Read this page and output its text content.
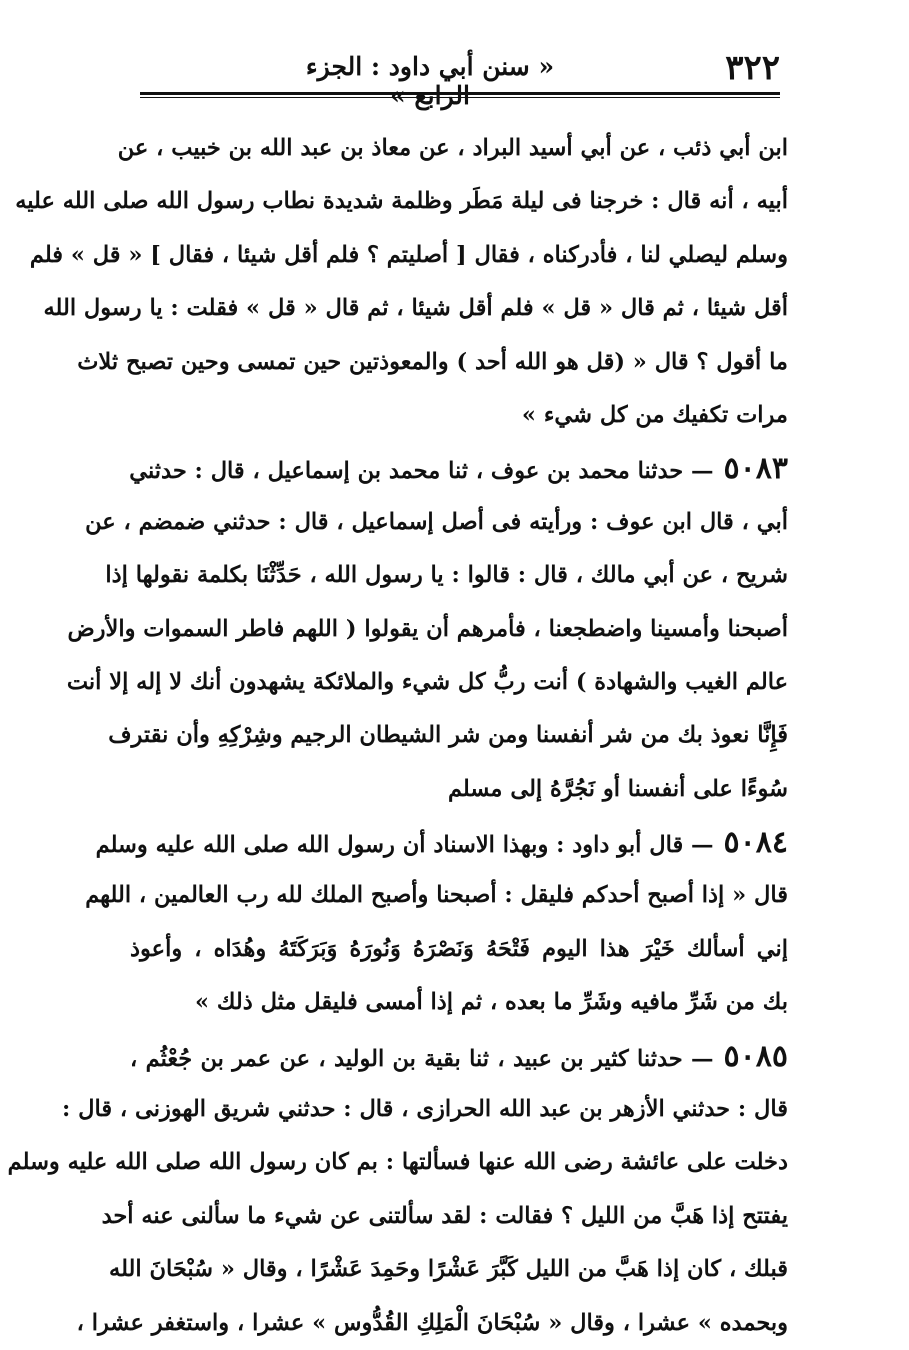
٣٢٢
« سنن أبي داود : الجزء الرابع »
ابن أبي ذئب ، عن أبي أسيد البراد ، عن معاذ بن عبد الله بن خبيب ، عن
أبيه ، أنه قال : خرجنا فى ليلة مَطَر وظلمة شديدة نطاب رسول الله صلى الله عليه
وسلم ليصلي لنا ، فأدركناه ، فقال [ أصليتم ؟ فلم أقل شيئا ، فقال ] « قل » فلم
أقل شيئا ، ثم قال « قل » فلم أقل شيئا ، ثم قال « قل » فقلت : يا رسول الله
ما أقول ؟ قال « (قل هو الله أحد ) والمعوذتين حين تمسى وحين تصبح ثلاث
مرات تكفيك من كل شيء »
٥٠٨٣— حدثنا محمد بن عوف ، ثنا محمد بن إسماعيل ، قال : حدثني
أبي ، قال ابن عوف : ورأيته فى أصل إسماعيل ، قال : حدثني ضمضم ، عن
شريح ، عن أبي مالك ، قال : قالوا : يا رسول الله ، حَدِّثْنَا بكلمة نقولها إذا
أصبحنا وأمسينا واضطجعنا ، فأمرهم أن يقولوا ( اللهم فاطر السموات والأرض
عالم الغيب والشهادة ) أنت ربُّ كل شيء والملائكة يشهدون أنك لا إله إلا أنت
فَإِنَّا نعوذ بك من شر أنفسنا ومن شر الشيطان الرجيم وشِرْكِهِ وأن نقترف
سُوءًا على أنفسنا أو نَجُرَّهُ إلى مسلم
٥٠٨٤— قال أبو داود : وبهذا الاسناد أن رسول الله صلى الله عليه وسلم
قال « إذا أصبح أحدكم فليقل : أصبحنا وأصبح الملك لله رب العالمين ، اللهم
إني أسألك خَيْرَ هذا اليوم فَتْحَهُ وَنَصْرَهُ وَنُورَهُ وَبَرَكَتَهُ وهُدَاه ، وأعوذ
بك من شَرِّ مافيه وشَرِّ ما بعده ، ثم إذا أمسى فليقل مثل ذلك »
٥٠٨٥— حدثنا كثير بن عبيد ، ثنا بقية بن الوليد ، عن عمر بن جُعْثُم ،
قال : حدثني الأزهر بن عبد الله الحرازى ، قال : حدثني شريق الهوزنى ، قال :
دخلت على عائشة رضى الله عنها فسألتها : بم كان رسول الله صلى الله عليه وسلم
يفتتح إذا هَبَّ من الليل ؟ فقالت : لقد سألتنى عن شيء ما سألنى عنه أحد
قبلك ، كان إذا هَبَّ من الليل كَبَّرَ عَشْرًا وحَمِدَ عَشْرًا ، وقال « سُبْحَانَ الله
وبحمده » عشرا ، وقال « سُبْحَانَ الْمَلِكِ القُدُّوس » عشرا ، واستغفر عشرا ،
